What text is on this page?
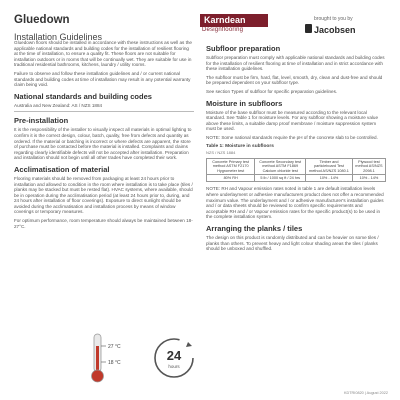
Gluedown
Installation Guidelines
Karndean
Designflooring
brought to you by
Jacobsen

Gluedown floors should be installed in accordance with these instructions as well as the applicable national standards and building codes for the installation of resilient flooring at the time of installation, to ensure a quality fit. These floors are not suitable for installation outdoors or in rooms that will be continually wet. They are suitable for use in traditional residential bathrooms, kitchens, laundry / utility rooms.

Failure to observe and follow these installation guidelines and / or current national standards and building codes at time of installation may result in any potential warranty claim being void.

National standards and building codes

Australia and New Zealand: AS / NZS 1884

Pre-installation

It is the responsibility of the installer to visually inspect all materials in optimal lighting to confirm it is the correct design, colour, batch, quality, free from defects and quantity as ordered. If the material or batching is incorrect or where defects are apparent, the store of purchase must be contacted before the material is installed. Complaints and claims regarding clearly identifiable defects will not be accepted after installation. Preparation and installation should not begin until all other trades have completed their work.

Acclimatisation of material

Flooring materials should be removed from packaging at least 24 hours prior to installation and allowed to condition in the room where installation is to take place (tiles / planks may be stacked but must be rested flat). HVAC systems, where available, should be in operation during the acclimatisation period (at least 24 hours prior to, during, and 24 hours after installation of floor coverings). Exposure to direct sunlight should be avoided during the acclimatisation and installation process by means of window coverings or temporary measures.

For optimum performance, room temperature should always be maintained between 18-27°C.

Subfloor preparation

Subfloor preparation must comply with applicable national standards and building codes for the installation of resilient flooring at time of installation and in strict accordance with these installation guidelines.

The subfloor must be firm, hard, flat, level, smooth, dry, clean and dust-free and should be prepared dependent on your subfloor type.

See section Types of subfloor for specific preparation guidelines.

Moisture in subfloors

Moisture of the base subfloor must be measured according to the relevant local standard. See Table 1 for moisture levels. For any subfloor showing a moisture value above these limits, a suitable damp proof membrane / moisture suppression system must be used.

NOTE: Some national standards require the pH of the concrete slab to be controlled.

Table 1: Moisture in subfloors
NZS / NZS 1884
Concrete Primary test method ASTM F2170 Hygrometer test	Concrete Secondary test method ASTM F1869 Calcium chloride test	Timber and particleboard Test method AS/NZS 1080.1	Plywood test method AS/NZS 2098.1
80% RH	5 lb / 1000 sq ft / 24 hrs	10% - 14%	10% - 14%

NOTE: RH and Vapour emission rates noted in table 1 are default installation levels where underlayment or adhesive manufacturers product does not offer a recommended maximum value. The underlayment and / or adhesive manufacturer's installation guides and / or data sheets should be reviewed to confirm specific requirements and acceptable RH and / or Vapour emission rates for the specific product(s) to be used in the complete installation system.

Arranging the planks / tiles

The design on this product is randomly distributed and can be heavier on some tiles / planks than others. To prevent heavy and light colour shading areas the tiles / planks should be unboxed and shuffled.

27 °C
18 °C	24
hours
KDTRI0820 | August 2022
